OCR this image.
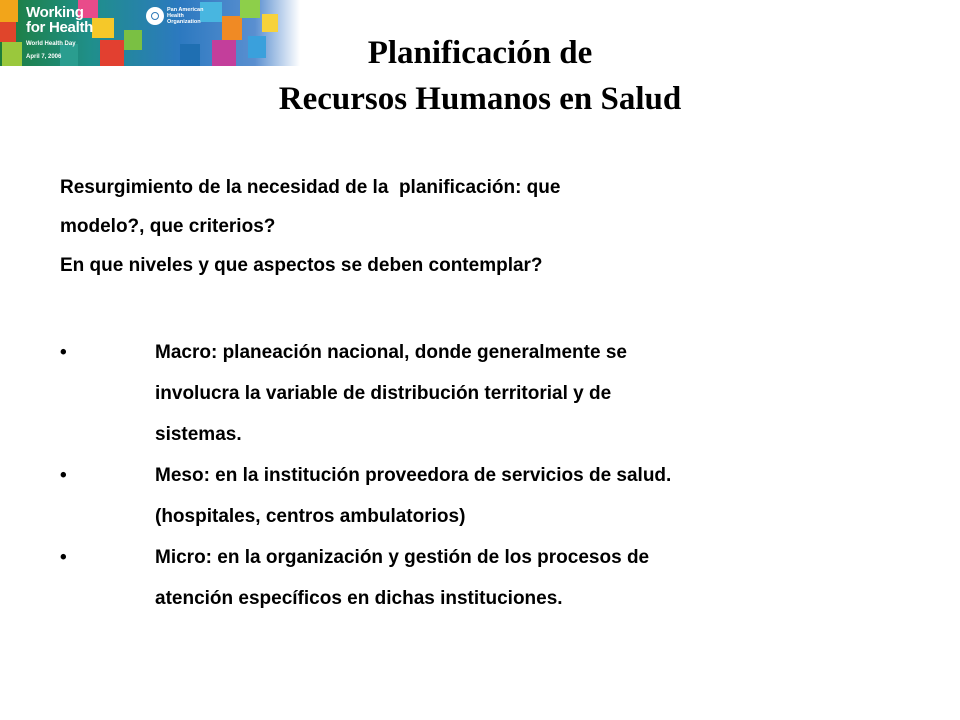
Working
for Health
World Health Day
April 7, 2006
Pan American
Health
Organization
Planificación de
Recursos Humanos en Salud
Resurgimiento de la necesidad de la  planificación: que
modelo?, que criterios?
En que niveles y que aspectos se deben contemplar?
•	Macro: planeación nacional, donde generalmente se
involucra la variable de distribución territorial y de
sistemas.
•	Meso: en la institución proveedora de servicios de salud.
(hospitales, centros ambulatorios)
•	Micro: en la organización y gestión de los procesos de
atención específicos en dichas instituciones.
